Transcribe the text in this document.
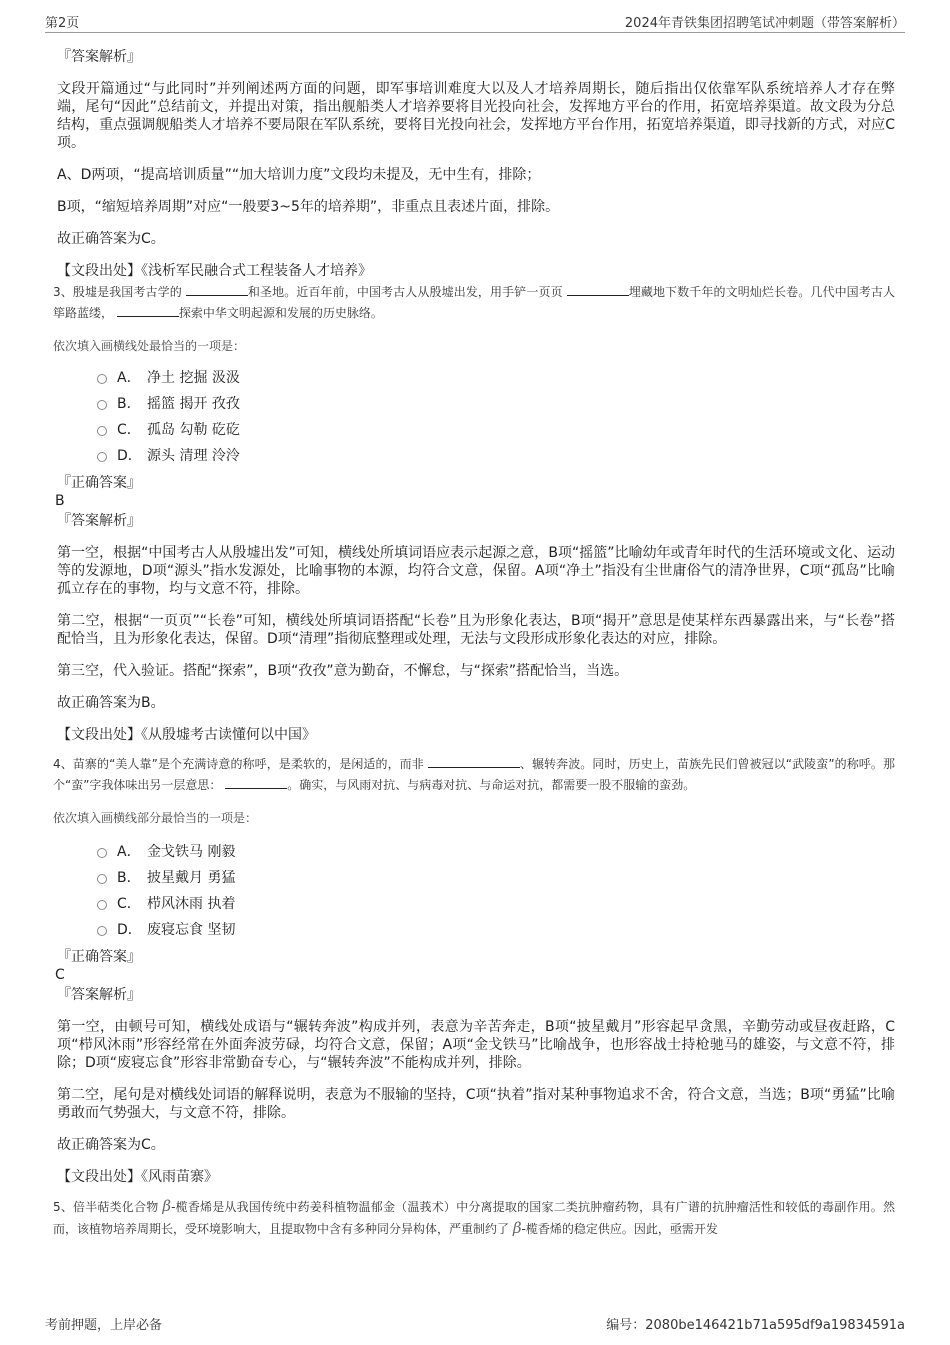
第2页	2024年青铁集团招聘笔试冲刺题（带答案解析）

『答案解析』

文段开篇通过“与此同时”并列阐述两方面的问题，即军事培训难度大以及人才培养周期长，随后指出仅依靠军队系统培养人才存在弊端，尾句“因此”总结前文，并提出对策，指出舰船类人才培养要将目光投向社会，发挥地方平台的作用，拓宽培养渠道。故文段为分总结构，重点强调舰船类人才培养不要局限在军队系统，要将目光投向社会，发挥地方平台作用，拓宽培养渠道，即寻找新的方式，对应C项。

A、D两项，“提高培训质量”“加大培训力度”文段均未提及，无中生有，排除；

B项，“缩短培养周期”对应“一般要3~5年的培养期”，非重点且表述片面，排除。

故正确答案为C。

【文段出处】《浅析军民融合式工程装备人才培养》

3、殷墟是我国考古学的	和圣地。近百年前，中国考古人从殷墟出发，用手铲一页页	埋藏地下数千年的文明灿烂长卷。几代中国考古人筚路蓝缕，	探索中华文明起源和发展的历史脉络。

依次填入画横线处最恰当的一项是：

A． 净土 挖掘 汲汲
B． 摇篮 揭开 孜孜
C． 孤岛 勾勒 矻矻
D． 源头 清理 泠泠

『正确答案』

B

『答案解析』

第一空，根据“中国考古人从殷墟出发”可知，横线处所填词语应表示起源之意，B项“摇篮”比喻幼年或青年时代的生活环境或文化、运动等的发源地，D项“源头”指水发源处，比喻事物的本源，均符合文意，保留。A项“净土”指没有尘世庸俗气的清净世界，C项“孤岛”比喻孤立存在的事物，均与文意不符，排除。

第二空，根据“一页页”“长卷”可知，横线处所填词语搭配“长卷”且为形象化表达，B项“揭开”意思是使某样东西暴露出来，与“长卷”搭配恰当，且为形象化表达，保留。D项“清理”指彻底整理或处理，无法与文段形成形象化表达的对应，排除。

第三空，代入验证。搭配“探索”，B项“孜孜”意为勤奋，不懈怠，与“探索”搭配恰当，当选。

故正确答案为B。

【文段出处】《从殷墟考古读懂何以中国》

4、苗寨的“美人靠”是个充满诗意的称呼，是柔软的，是闲适的，而非	、辗转奔波。同时，历史上，苗族先民们曾被冠以“武陵蛮”的称呼。那个“蛮”字我体味出另一层意思：	。确实，与风雨对抗、与病毒对抗、与命运对抗，都需要一股不服输的蛮劲。

依次填入画横线部分最恰当的一项是：

A． 金戈铁马 刚毅
B． 披星戴月 勇猛
C． 栉风沐雨 执着
D． 废寝忘食 坚韧

『正确答案』

C

『答案解析』

第一空，由顿号可知，横线处成语与“辗转奔波”构成并列，表意为辛苦奔走，B项“披星戴月”形容起早贪黑，辛勤劳动或昼夜赶路，C项“栉风沐雨”形容经常在外面奔波劳碌，均符合文意，保留；A项“金戈铁马”比喻战争，也形容战士持枪驰马的雄姿，与文意不符，排除；D项“废寝忘食”形容非常勤奋专心，与“辗转奔波”不能构成并列，排除。

第二空，尾句是对横线处词语的解释说明，表意为不服输的坚持，C项“执着”指对某种事物追求不舍，符合文意，当选；B项“勇猛”比喻勇敢而气势强大，与文意不符，排除。

故正确答案为C。

【文段出处】《风雨苗寨》

5、倍半萜类化合物 β-榄香烯是从我国传统中药姜科植物温郁金（温莪术）中分离提取的国家二类抗肿瘤药物，具有广谱的抗肿瘤活性和较低的毒副作用。然而，该植物培养周期长，受环境影响大，且提取物中含有多种同分异构体，严重制约了 β-榄香烯的稳定供应。因此，亟需开发

考前押题，上岸必备	编号：2080be146421b71a595df9a19834591a
